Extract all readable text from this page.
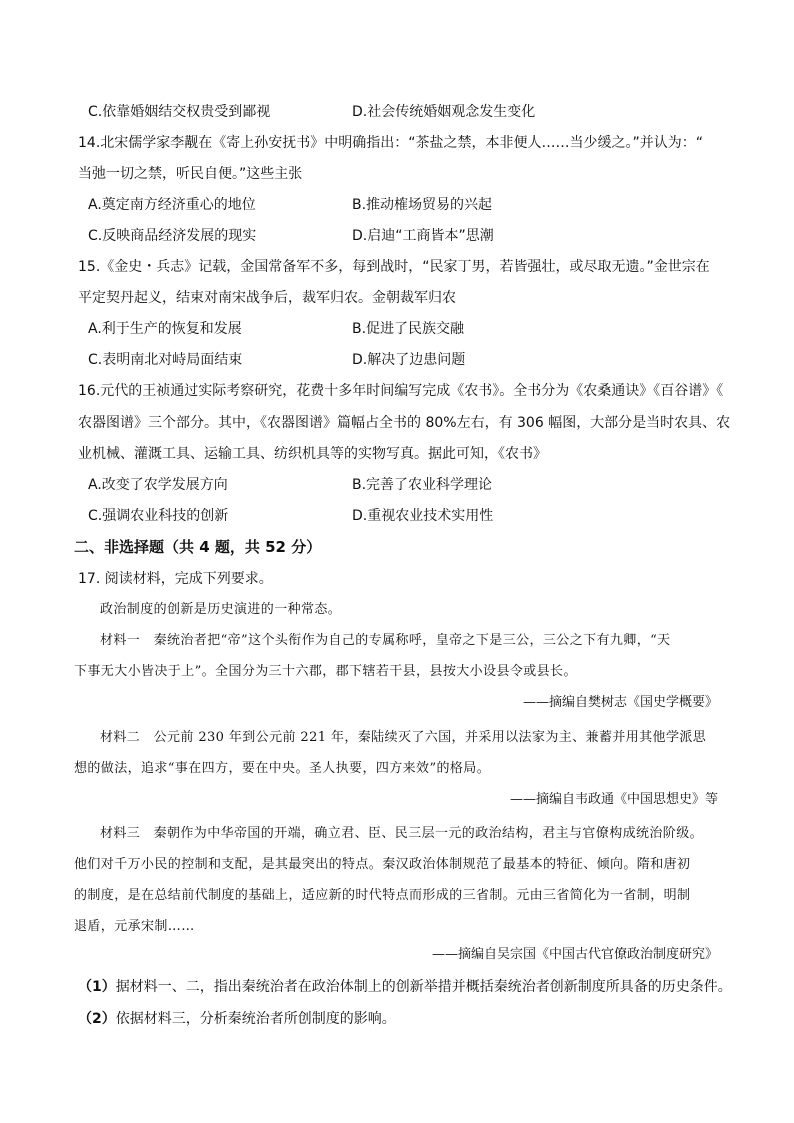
C.依靠婚姻结交权贵受到鄙视	D.社会传统婚姻观念发生变化
14.北宋儒学家李觏在《寄上孙安抚书》中明确指出：“茶盐之禁，本非便人……当少缓之。”并认为：“
当弛一切之禁，听民自便。”这些主张
A.奠定南方经济重心的地位	B.推动榷场贸易的兴起
C.反映商品经济发展的现实	D.启迪“工商皆本”思潮
15.《金史・兵志》记载，金国常备军不多，每到战时，“民家丁男，若皆强壮，或尽取无遗。”金世宗在
平定契丹起义，结束对南宋战争后，裁军归农。金朝裁军归农
A.利于生产的恢复和发展	B.促进了民族交融
C.表明南北对峙局面结束	D.解决了边患问题
16.元代的王祯通过实际考察研究，花费十多年时间编写完成《农书》。全书分为《农桑通诀》《百谷谱》《
农器图谱》三个部分。其中，《农器图谱》篇幅占全书的 80%左右，有 306 幅图，大部分是当时农具、农
业机械、灌溉工具、运输工具、纺织机具等的实物写真。据此可知，《农书》
A.改变了农学发展方向	B.完善了农业科学理论
C.强调农业科技的创新	D.重视农业技术实用性
二、非选择题（共 4 题，共 52 分）
17. 阅读材料，完成下列要求。
政治制度的创新是历史演进的一种常态。
材料一　秦统治者把“帝”这个头衔作为自己的专属称呼，皇帝之下是三公，三公之下有九卿，“天
下事无大小皆决于上”。全国分为三十六郡，郡下辖若干县，县按大小设县令或县长。
——摘编自樊树志《国史学概要》
材料二　公元前 230 年到公元前 221 年，秦陆续灭了六国，并采用以法家为主、兼蓄并用其他学派思
想的做法，追求“事在四方，要在中央。圣人执要，四方来效”的格局。
——摘编自韦政通《中国思想史》等
材料三　秦朝作为中华帝国的开端，确立君、臣、民三层一元的政治结构，君主与官僚构成统治阶级。
他们对千万小民的控制和支配，是其最突出的特点。秦汉政治体制规范了最基本的特征、倾向。隋和唐初
的制度，是在总结前代制度的基础上，适应新的时代特点而形成的三省制。元由三省简化为一省制，明制
退盾，元承宋制……
——摘编自吴宗国《中国古代官僚政治制度研究》
（1）据材料一、二，指出秦统治者在政治体制上的创新举措并概括秦统治者创新制度所具备的历史条件。
（2）依据材料三，分析秦统治者所创制度的影响。
